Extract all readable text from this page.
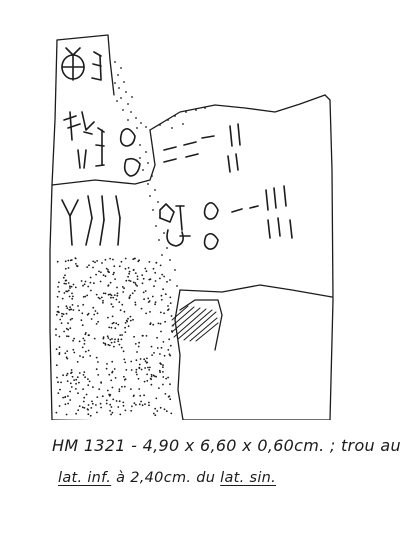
HM 1321 - 4,90 x 6,60 x 0,60cm. ; trou au
lat. inf. à 2,40cm. du lat. sin.
